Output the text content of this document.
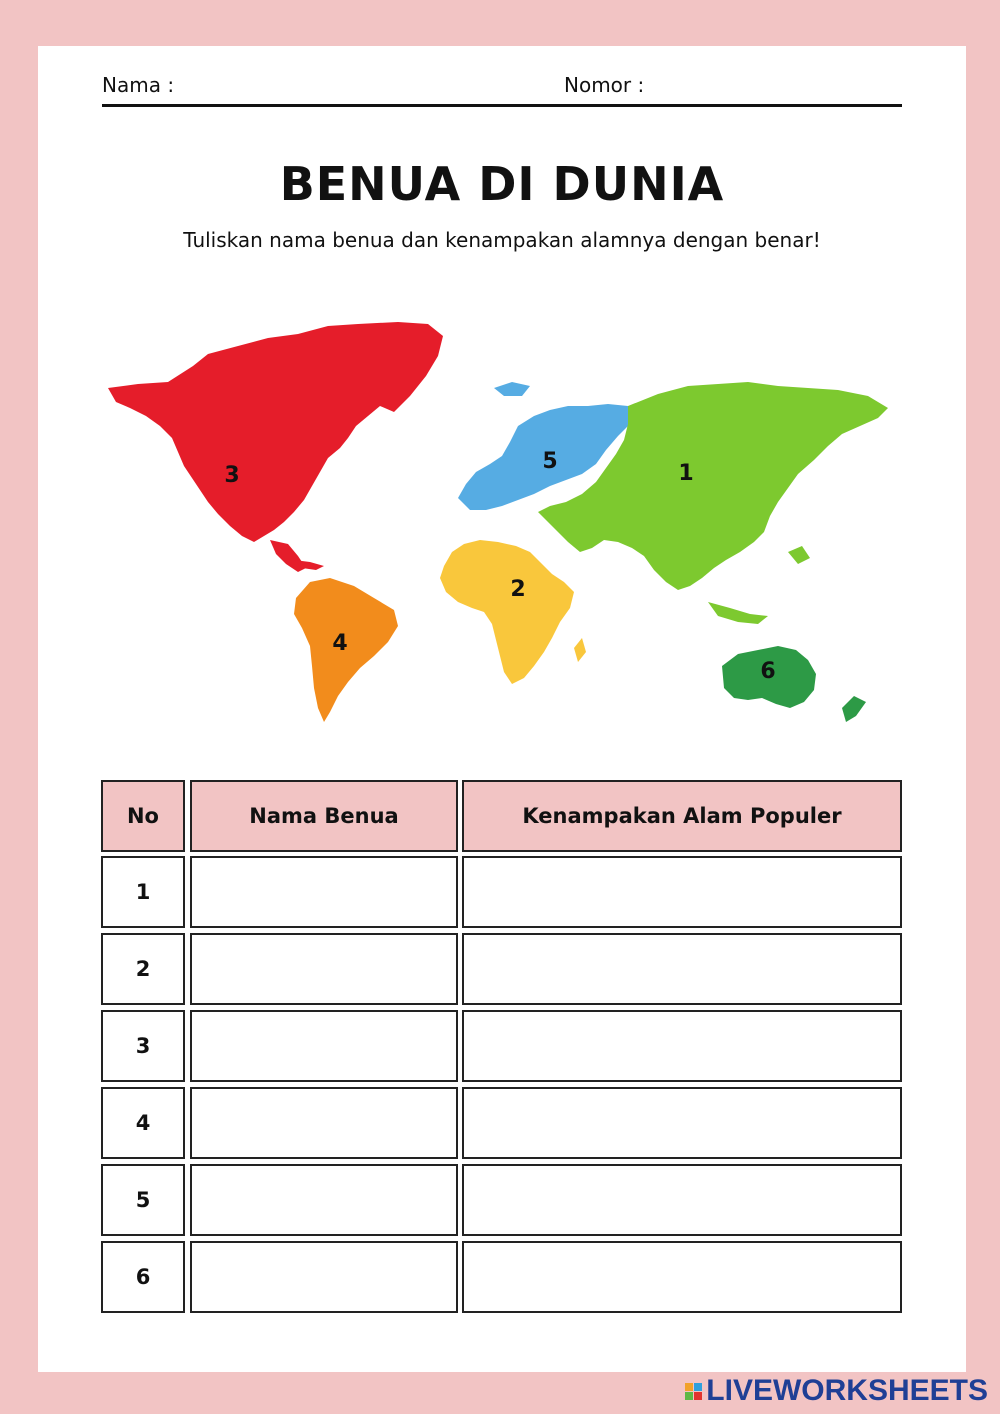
Nama :	Nomor :
BENUA DI DUNIA
Tuliskan nama benua dan kenampakan alamnya dengan benar!
1
2
3
4
5
6
No	Nama Benua	Kenampakan Alam Populer
1
2
3
4
5
6
LIVEWORKSHEETS
